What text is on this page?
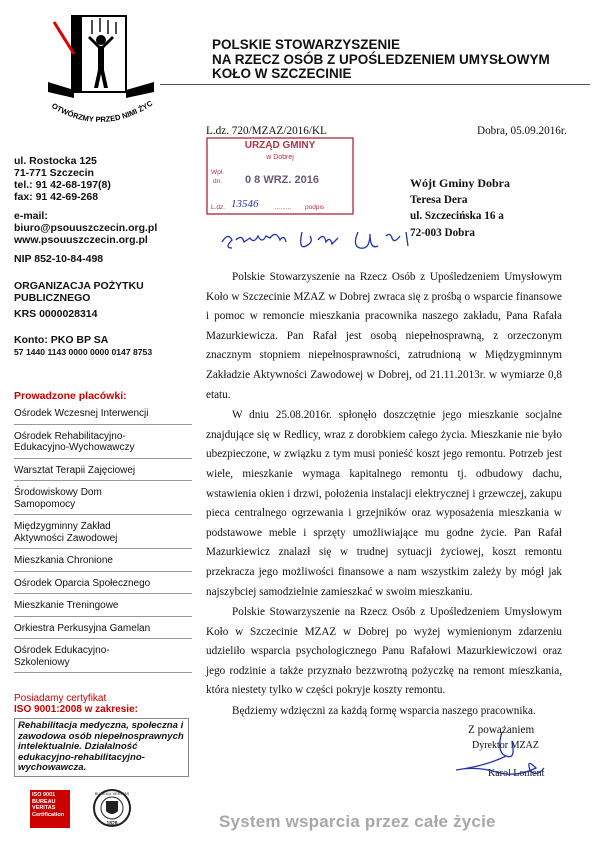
OTWÓRZMY PRZED NIMI ŻYC
POLSKIE STOWARZYSZENIE
NA RZECZ OSÓB Z UPOŚLEDZENIEM UMYSŁOWYM
KOŁO W SZCZECINIE
ul. Rostocka 125
71-771 Szczecin
tel.: 91 42-68-197(8)
fax: 91 42-69-268
e-mail:
biuro@psouuszczecin.org.pl
www.psouuszczecin.org.pl
NIP 852-10-84-498
ORGANIZACJA POŻYTKU
PUBLICZNEGO
KRS 0000028314
Konto: PKO BP SA
57 1440 1143 0000 0000 0147 8753
Prowadzone placówki:
Ośrodek Wczesnej Interwencji
Ośrodek Rehabilitacyjno-
Edukacyjno-Wychowawczy
Warsztat Terapii Zajęciowej
Środowiskowy Dom
Samopomocy
Międzygminny Zakład
Aktywności Zawodowej
Mieszkania Chronione
Ośrodek Oparcia Społecznego
Mieszkanie Treningowe
Orkiestra Perkusyjna Gamelan
Ośrodek Edukacyjno-
Szkoleniowy
Posiadamy certyfikat
ISO 9001:2008 w zakresie:
Rehabilitacja medyczna, społeczna i zawodowa osób niepełnosprawnych intelektualnie. Działalność edukacyjno-rehabilitacyjno-wychowawcza.
ISO 9001
BUREAU VERITAS
Certification
1828
BUREAU VERITAS
L.dz. 720/MZAZ/2016/KL	Dobra, 05.09.2016r.
URZĄD GMINY
w Dobrej
Wpł.
dn. 0 8 WRZ. 2016
L.dz. 13546	......... podpis
Wójt Gminy Dobra
Teresa Dera
ul. Szczecińska 16 a
72-003 Dobra

Polskie Stowarzyszenie na Rzecz Osób z Upośledzeniem Umysłowym Koło w Szczecinie MZAZ w Dobrej zwraca się z prośbą o wsparcie finansowe i pomoc w remoncie mieszkania pracownika naszego zakładu, Pana Rafała Mazurkiewicza. Pan Rafał jest osobą niepełnosprawną, z orzeczonym znacznym stopniem niepełnosprawności, zatrudnioną w Międzygminnym Zakładzie Aktywności Zawodowej w Dobrej, od 21.11.2013r. w wymiarze 0,8 etatu.

W dniu 25.08.2016r. spłonęło doszczętnie jego mieszkanie socjalne znajdujące się w Redlicy, wraz z dorobkiem całego życia. Mieszkanie nie było ubezpieczone, w związku z tym musi ponieść koszt jego remontu. Potrzeb jest wiele, mieszkanie wymaga kapitalnego remontu tj. odbudowy dachu, wstawienia okien i drzwi, położenia instalacji elektrycznej i grzewczej, zakupu pieca centralnego ogrzewania i grzejników oraz wyposażenia mieszkania w podstawowe meble i sprzęty umożliwiające mu godne życie. Pan Rafał Mazurkiewicz znalazł się w trudnej sytuacji życiowej, koszt remontu przekracza jego możliwości finansowe a nam wszystkim zależy by mógł jak najszybciej samodzielnie zamieszkać w swoim mieszkaniu.

Polskie Stowarzyszenie na Rzecz Osób z Upośledzeniem Umysłowym Koło w Szczecinie MZAZ w Dobrej po wyżej wymienionym zdarzeniu udzieliło wsparcia psychologicznego Panu Rafałowi Mazurkiewiczowi oraz jego rodzinie a także przyznało bezzwrotną pożyczkę na remont mieszkania, która niestety tylko w części pokryje koszty remontu.

Będziemy wdzięczni za każdą formę wsparcia naszego pracownika.

Z poważaniem
Dyrektor MZAZ
Karol Loment
System wsparcia przez całe życie
